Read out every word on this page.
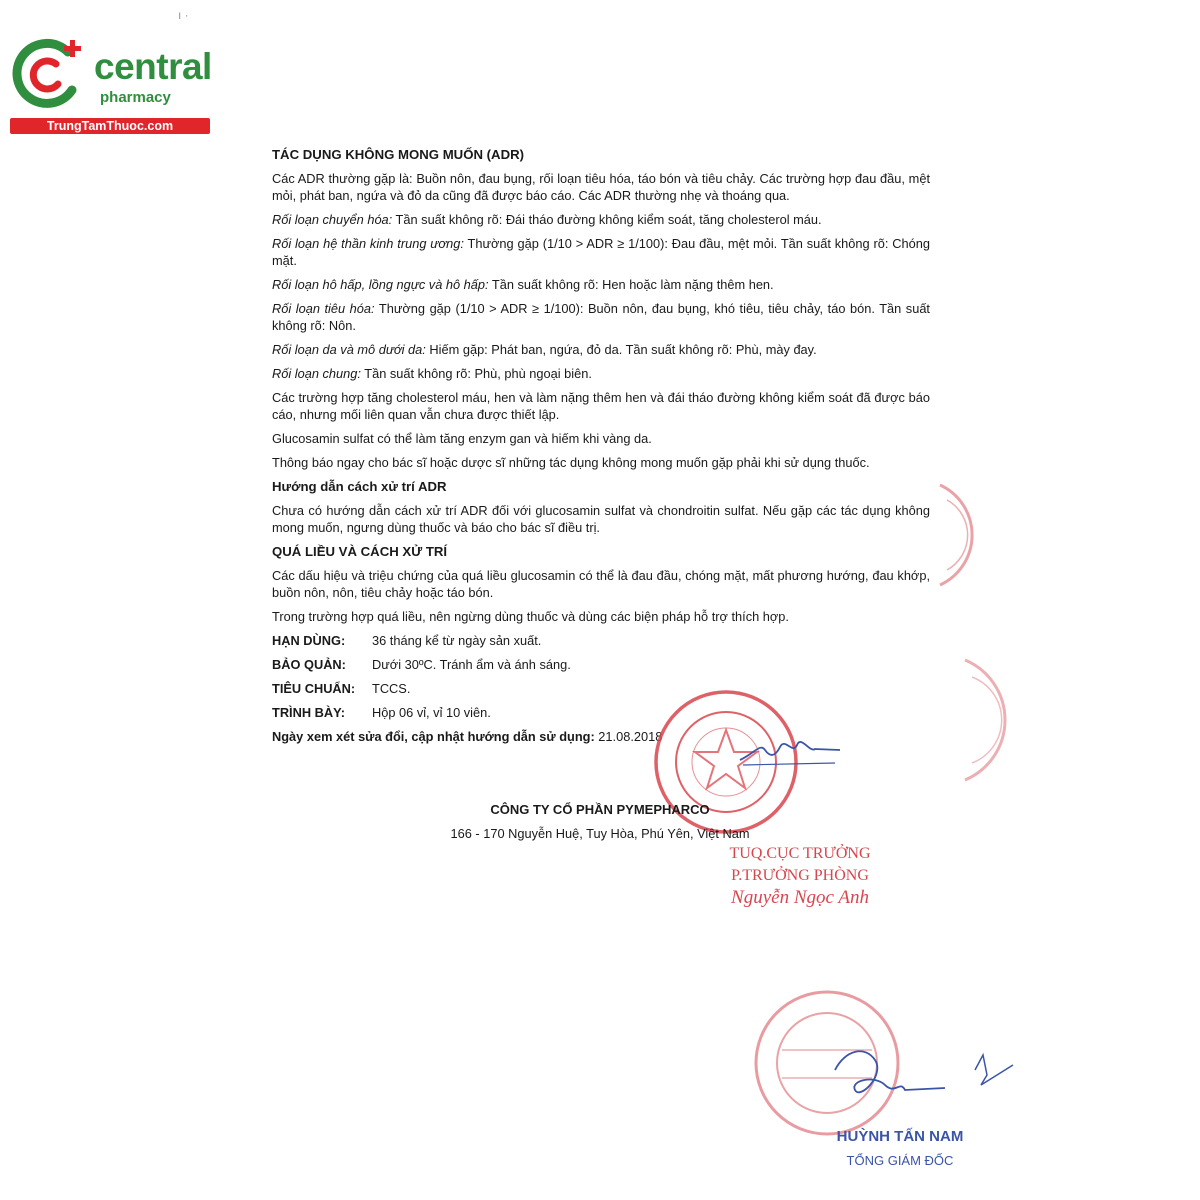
ı ·
central
pharmacy
TrungTamThuoc.com
TÁC DỤNG KHÔNG MONG MUỐN (ADR)

Các ADR thường gặp là: Buồn nôn, đau bụng, rối loạn tiêu hóa, táo bón và tiêu chảy. Các trường hợp đau đầu, mệt mỏi, phát ban, ngứa và đỏ da cũng đã được báo cáo. Các ADR thường nhẹ và thoáng qua.

Rối loạn chuyển hóa: Tần suất không rõ: Đái tháo đường không kiểm soát, tăng cholesterol máu.

Rối loạn hệ thần kinh trung ương: Thường gặp (1/10 > ADR ≥ 1/100): Đau đầu, mệt mỏi. Tần suất không rõ: Chóng mặt.

Rối loạn hô hấp, lồng ngực và hô hấp: Tần suất không rõ: Hen hoặc làm nặng thêm hen.

Rối loạn tiêu hóa: Thường gặp (1/10 > ADR ≥ 1/100): Buồn nôn, đau bụng, khó tiêu, tiêu chảy, táo bón. Tần suất không rõ: Nôn.

Rối loạn da và mô dưới da: Hiếm gặp: Phát ban, ngứa, đỏ da. Tần suất không rõ: Phù, mày đay.

Rối loạn chung: Tần suất không rõ: Phù, phù ngoại biên.

Các trường hợp tăng cholesterol máu, hen và làm nặng thêm hen và đái tháo đường không kiểm soát đã được báo cáo, nhưng mối liên quan vẫn chưa được thiết lập.

Glucosamin sulfat có thể làm tăng enzym gan và hiếm khi vàng da.

Thông báo ngay cho bác sĩ hoặc dược sĩ những tác dụng không mong muốn gặp phải khi sử dụng thuốc.

Hướng dẫn cách xử trí ADR

Chưa có hướng dẫn cách xử trí ADR đối với glucosamin sulfat và chondroitin sulfat. Nếu gặp các tác dụng không mong muốn, ngưng dùng thuốc và báo cho bác sĩ điều trị.

QUÁ LIỀU VÀ CÁCH XỬ TRÍ

Các dấu hiệu và triệu chứng của quá liều glucosamin có thể là đau đầu, chóng mặt, mất phương hướng, đau khớp, buồn nôn, nôn, tiêu chảy hoặc táo bón.

Trong trường hợp quá liều, nên ngừng dùng thuốc và dùng các biện pháp hỗ trợ thích hợp.

HẠN DÙNG:	36 tháng kể từ ngày sản xuất.
BẢO QUẢN:	Dưới 30ºC. Tránh ẩm và ánh sáng.
TIÊU CHUẨN:	TCCS.
TRÌNH BÀY:	Hộp 06 vỉ, vỉ 10 viên.

Ngày xem xét sửa đổi, cập nhật hướng dẫn sử dụng: 21.08.2018

CÔNG TY CỔ PHẦN PYMEPHARCO
166 - 170 Nguyễn Huệ, Tuy Hòa, Phú Yên, Việt Nam
TUQ.CỤC TRƯỞNG
P.TRƯỞNG PHÒNG
Nguyễn Ngọc Anh
HUỲNH TẤN NAM
TỔNG GIÁM ĐỐC
